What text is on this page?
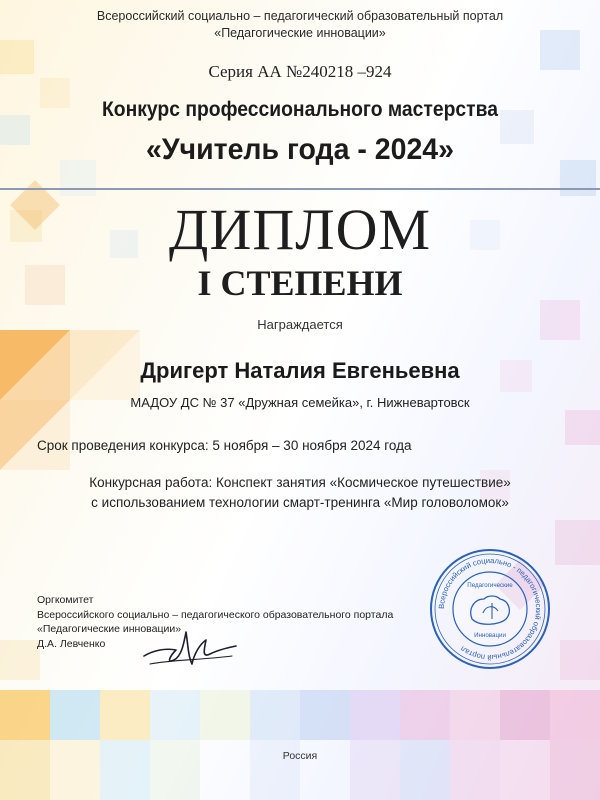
Всероссийский социально – педагогический образовательный портал
«Педагогические инновации»
Серия АА №240218 –924
Конкурс профессионального мастерства
«Учитель года - 2024»
ДИПЛОМ
I СТЕПЕНИ
Награждается
Дригерт Наталия Евгеньевна
МАДОУ ДС № 37 «Дружная семейка», г. Нижневартовск
Срок проведения конкурса: 5 ноября – 30 ноября 2024 года
Конкурсная работа: Конспект занятия «Космическое путешествие»
с использованием технологии смарт-тренинга «Мир головоломок»
Оргкомитет
Всероссийского социально – педагогического образовательного портала
«Педагогические инновации»
Д.А. Левченко
Всероссийский социально - педагогический образовательный портал
Педагогические
Инновации
Россия
